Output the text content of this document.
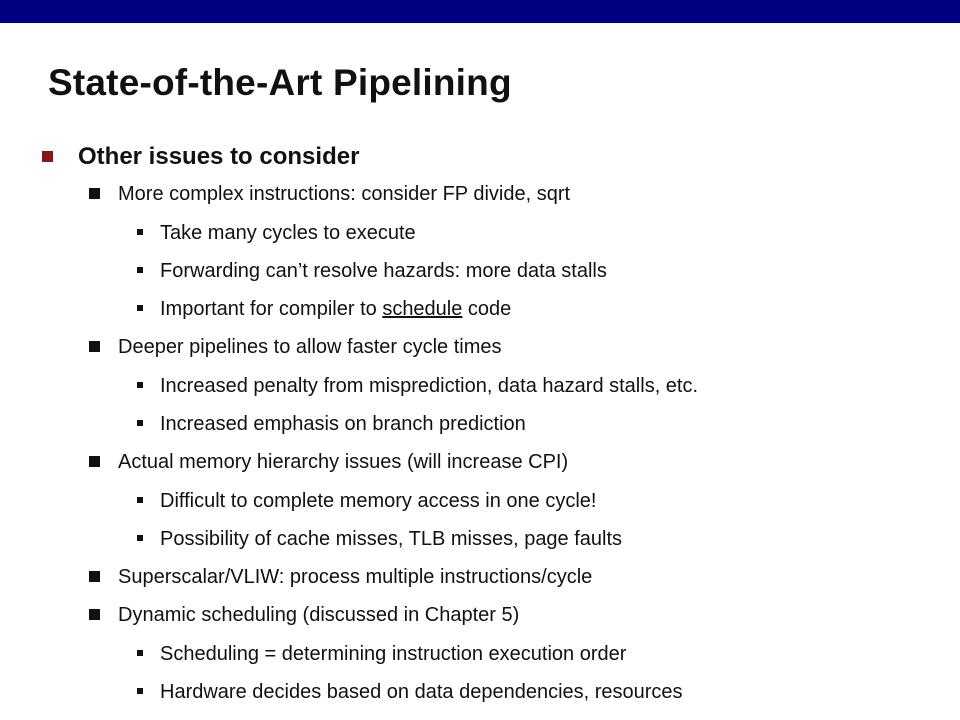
State-of-the-Art Pipelining
Other issues to consider
More complex instructions: consider FP divide, sqrt
Take many cycles to execute
Forwarding can’t resolve hazards: more data stalls
Important for compiler to schedule code
Deeper pipelines to allow faster cycle times
Increased penalty from misprediction, data hazard stalls, etc.
Increased emphasis on branch prediction
Actual memory hierarchy issues (will increase CPI)
Difficult to complete memory access in one cycle!
Possibility of cache misses, TLB misses, page faults
Superscalar/VLIW: process multiple instructions/cycle
Dynamic scheduling (discussed in Chapter 5)
Scheduling = determining instruction execution order
Hardware decides based on data dependencies, resources
